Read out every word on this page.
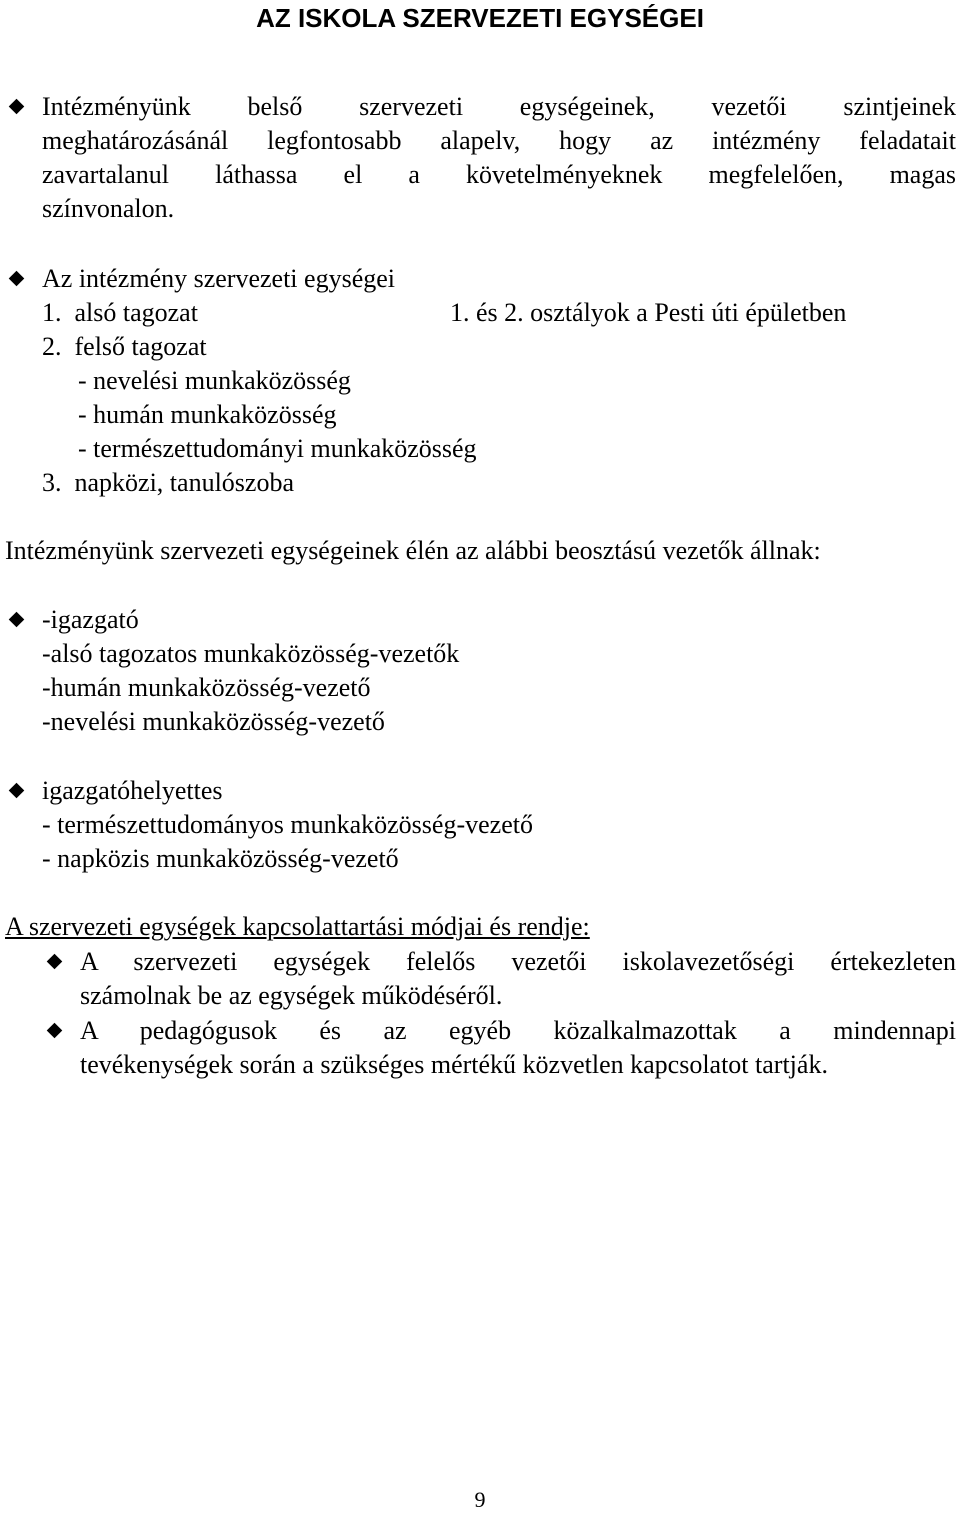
AZ ISKOLA SZERVEZETI EGYSÉGEI
Intézményünk belső szervezeti egységeinek, vezetői szintjeinek
meghatározásánál legfontosabb alapelv, hogy az intézmény feladatait
zavartalanul láthassa el a követelményeknek megfelelően, magas
színvonalon.
Az intézmény szervezeti egységei
1.  alsó tagozat	1. és 2. osztályok a Pesti úti épületben
2.  felső tagozat
- nevelési munkaközösség
- humán munkaközösség
- természettudományi munkaközösség
3.  napközi, tanulószoba
Intézményünk szervezeti egységeinek élén az alábbi beosztású vezetők állnak:
-igazgató
-alsó tagozatos munkaközösség-vezetők
-humán munkaközösség-vezető
-nevelési munkaközösség-vezető
igazgatóhelyettes
- természettudományos munkaközösség-vezető
- napközis munkaközösség-vezető
A szervezeti egységek kapcsolattartási módjai és rendje:
A szervezeti egységek felelős vezetői iskolavezetőségi értekezleten
számolnak be az egységek működéséről.
A pedagógusok és az egyéb közalkalmazottak a mindennapi
tevékenységek során a szükséges mértékű közvetlen kapcsolatot tartják.
9
